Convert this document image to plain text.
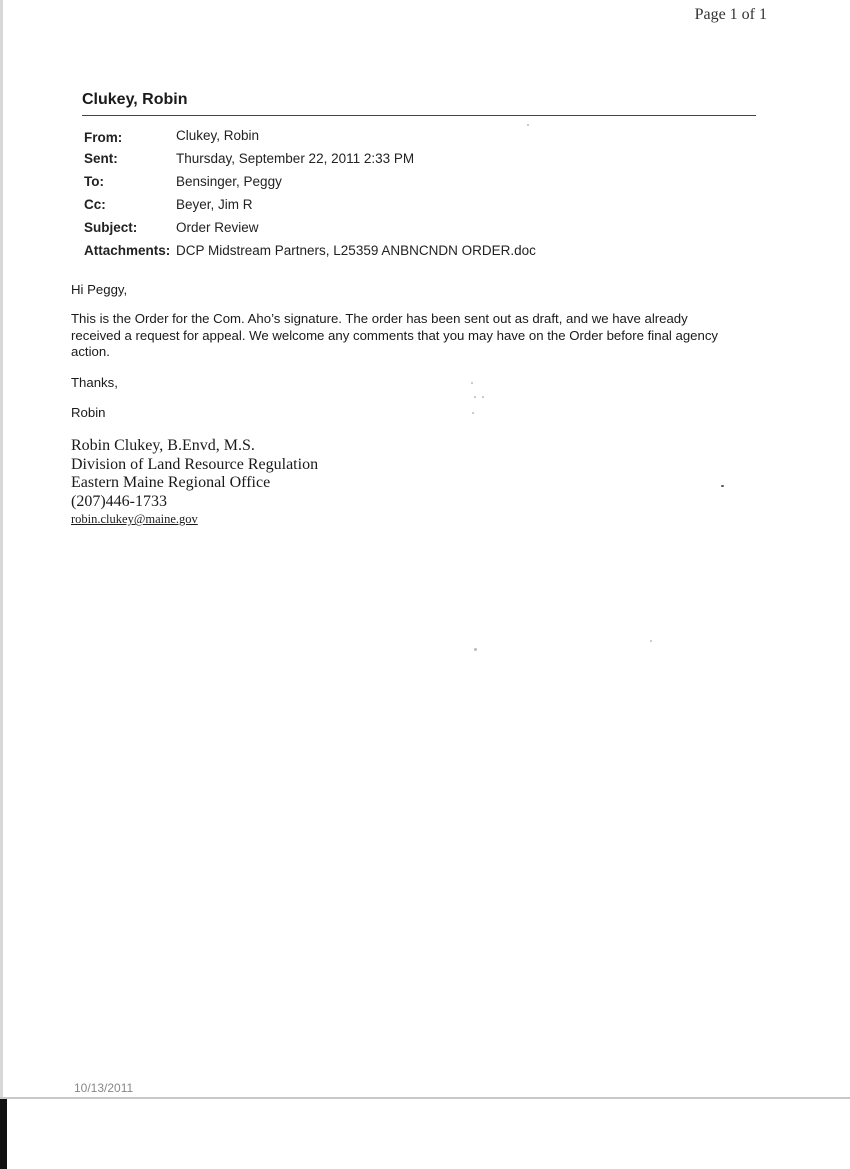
Page 1 of 1
Clukey, Robin
From:	Clukey, Robin
Sent:	Thursday, September 22, 2011 2:33 PM
To:	Bensinger, Peggy
Cc:	Beyer, Jim R
Subject:	Order Review
Attachments: DCP Midstream Partners, L25359 ANBNCNDN ORDER.doc
Hi Peggy,
This is the Order for the Com. Aho’s signature. The order has been sent out as draft, and we have already
received a request for appeal. We welcome any comments that you may have on the Order before final agency
action.
Thanks,
Robin
Robin Clukey, B.Envd, M.S.
Division of Land Resource Regulation
Eastern Maine Regional Office
(207)446-1733
robin.clukey@maine.gov
10/13/2011
